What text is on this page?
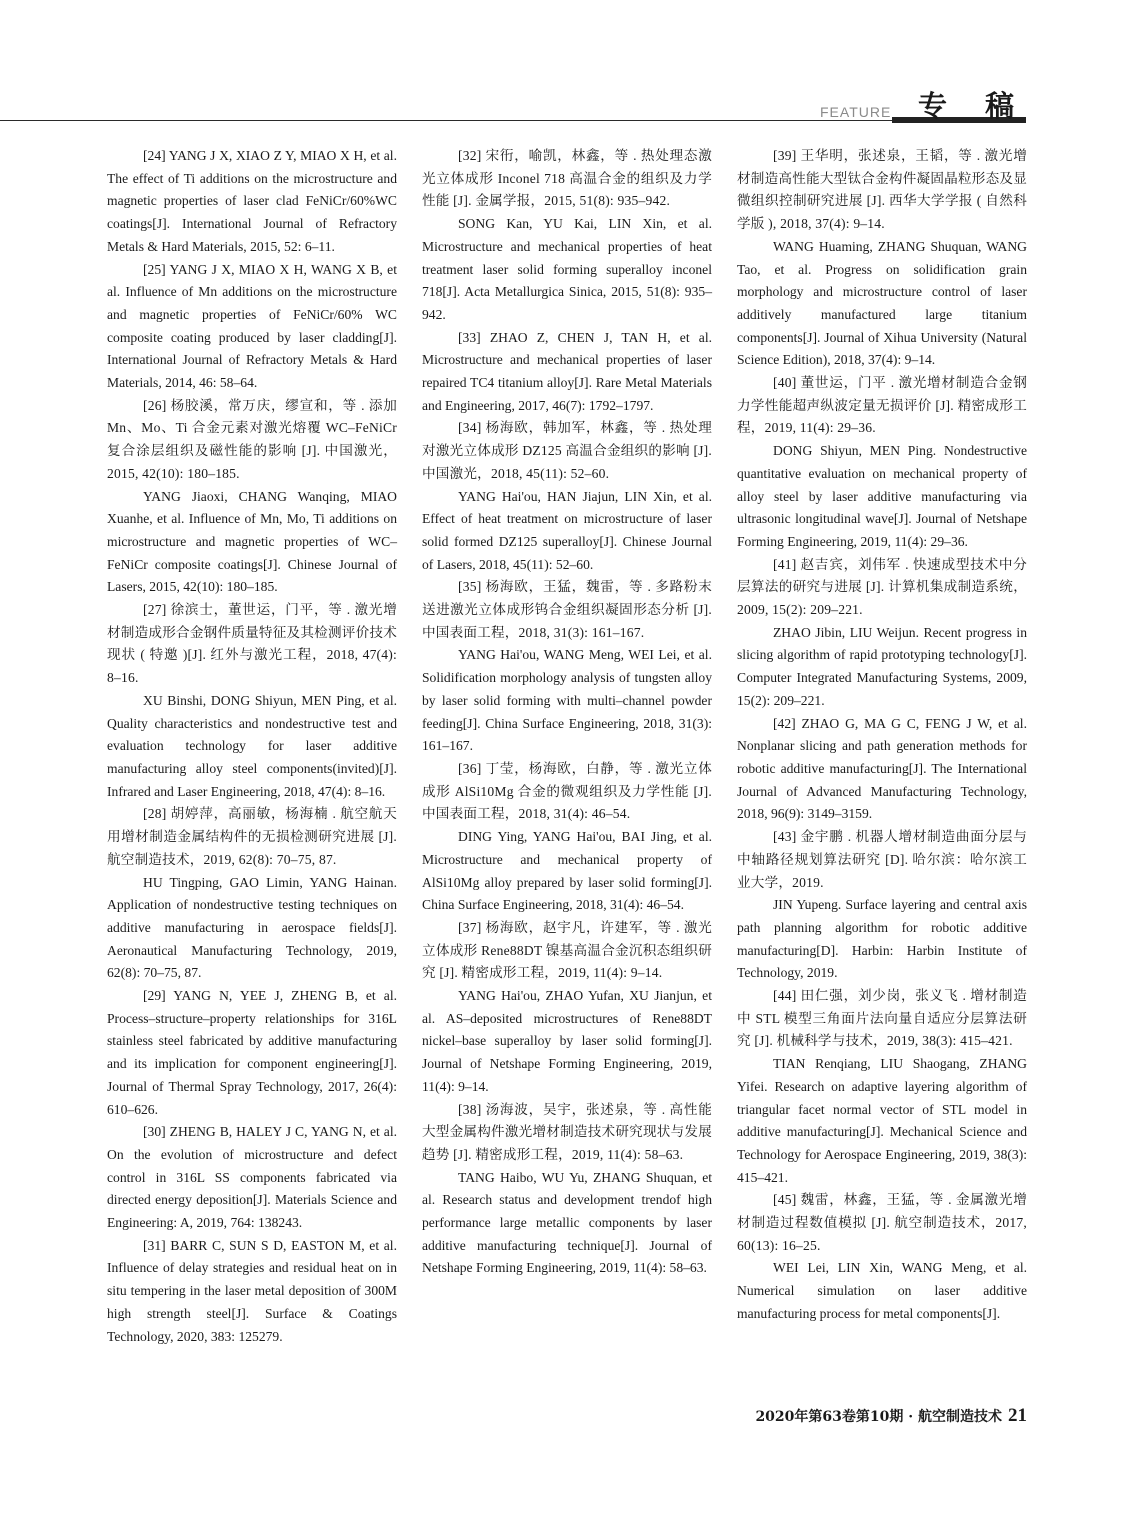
FEATURE 专 稿

[24] YANG J X, XIAO Z Y, MIAO X H, et al. The effect of Ti additions on the microstructure and magnetic properties of laser clad FeNiCr/60%WC coatings[J]. International Journal of Refractory Metals & Hard Materials, 2015, 52: 6–11.

[25] YANG J X, MIAO X H, WANG X B, et al. Influence of Mn additions on the microstructure and magnetic properties of FeNiCr/60% WC composite coating produced by laser cladding[J]. International Journal of Refractory Metals & Hard Materials, 2014, 46: 58–64.

[26] 杨胶溪，常万庆，缪宣和，等 . 添加 Mn、Mo、Ti 合金元素对激光熔覆 WC–FeNiCr 复合涂层组织及磁性能的影响 [J]. 中国激光，2015, 42(10): 180–185.

YANG Jiaoxi, CHANG Wanqing, MIAO Xuanhe, et al. Influence of Mn, Mo, Ti additions on microstructure and magnetic properties of WC–FeNiCr composite coatings[J]. Chinese Journal of Lasers, 2015, 42(10): 180–185.

[27] 徐滨士，董世运，门平，等 . 激光增材制造成形合金钢件质量特征及其检测评价技术现状 ( 特邀 )[J]. 红外与激光工程，2018, 47(4): 8–16.

XU Binshi, DONG Shiyun, MEN Ping, et al. Quality characteristics and nondestructive test and evaluation technology for laser additive manufacturing alloy steel components(invited)[J]. Infrared and Laser Engineering, 2018, 47(4): 8–16.

[28] 胡婷萍，高丽敏，杨海楠 . 航空航天用增材制造金属结构件的无损检测研究进展 [J]. 航空制造技术，2019, 62(8): 70–75, 87.

HU Tingping, GAO Limin, YANG Hainan. Application of nondestructive testing techniques on additive manufacturing in aerospace fields[J]. Aeronautical Manufacturing Technology, 2019, 62(8): 70–75, 87.

[29] YANG N, YEE J, ZHENG B, et al. Process–structure–property relationships for 316L stainless steel fabricated by additive manufacturing and its implication for component engineering[J]. Journal of Thermal Spray Technology, 2017, 26(4): 610–626.

[30] ZHENG B, HALEY J C, YANG N, et al. On the evolution of microstructure and defect control in 316L SS components fabricated via directed energy deposition[J]. Materials Science and Engineering: A, 2019, 764: 138243.

[31] BARR C, SUN S D, EASTON M, et al. Influence of delay strategies and residual heat on in situ tempering in the laser metal deposition of 300M high strength steel[J]. Surface & Coatings Technology, 2020, 383: 125279.

[32] 宋衎，喻凯，林鑫，等 . 热处理态激光立体成形 Inconel 718 高温合金的组织及力学性能 [J]. 金属学报，2015, 51(8): 935–942.

SONG Kan, YU Kai, LIN Xin, et al. Microstructure and mechanical properties of heat treatment laser solid forming superalloy inconel 718[J]. Acta Metallurgica Sinica, 2015, 51(8): 935–942.

[33] ZHAO Z, CHEN J, TAN H, et al. Microstructure and mechanical properties of laser repaired TC4 titanium alloy[J]. Rare Metal Materials and Engineering, 2017, 46(7): 1792–1797.

[34] 杨海欧，韩加军，林鑫，等 . 热处理对激光立体成形 DZ125 高温合金组织的影响 [J]. 中国激光，2018, 45(11): 52–60.

YANG Hai'ou, HAN Jiajun, LIN Xin, et al. Effect of heat treatment on microstructure of laser solid formed DZ125 superalloy[J]. Chinese Journal of Lasers, 2018, 45(11): 52–60.

[35] 杨海欧，王猛，魏雷，等 . 多路粉末送进激光立体成形钨合金组织凝固形态分析 [J]. 中国表面工程，2018, 31(3): 161–167.

YANG Hai'ou, WANG Meng, WEI Lei, et al. Solidification morphology analysis of tungsten alloy by laser solid forming with multi–channel powder feeding[J]. China Surface Engineering, 2018, 31(3): 161–167.

[36] 丁莹，杨海欧，白静，等 . 激光立体成形 AlSi10Mg 合金的微观组织及力学性能 [J]. 中国表面工程，2018, 31(4): 46–54.

DING Ying, YANG Hai'ou, BAI Jing, et al. Microstructure and mechanical property of AlSi10Mg alloy prepared by laser solid forming[J]. China Surface Engineering, 2018, 31(4): 46–54.

[37] 杨海欧，赵宇凡，许建军，等 . 激光立体成形 Rene88DT 镍基高温合金沉积态组织研究 [J]. 精密成形工程，2019, 11(4): 9–14.

YANG Hai'ou, ZHAO Yufan, XU Jianjun, et al. AS–deposited microstructures of Rene88DT nickel–base superalloy by laser solid forming[J]. Journal of Netshape Forming Engineering, 2019, 11(4): 9–14.

[38] 汤海波，吴宇，张述泉，等 . 高性能大型金属构件激光增材制造技术研究现状与发展趋势 [J]. 精密成形工程，2019, 11(4): 58–63.

TANG Haibo, WU Yu, ZHANG Shuquan, et al. Research status and development trendof high performance large metallic components by laser additive manufacturing technique[J]. Journal of Netshape Forming Engineering, 2019, 11(4): 58–63.

[39] 王华明，张述泉，王韬，等 . 激光增材制造高性能大型钛合金构件凝固晶粒形态及显微组织控制研究进展 [J]. 西华大学学报 ( 自然科学版 ), 2018, 37(4): 9–14.

WANG Huaming, ZHANG Shuquan, WANG Tao, et al. Progress on solidification grain morphology and microstructure control of laser additively manufactured large titanium components[J]. Journal of Xihua University (Natural Science Edition), 2018, 37(4): 9–14.

[40] 董世运，门平 . 激光增材制造合金钢力学性能超声纵波定量无损评价 [J]. 精密成形工程，2019, 11(4): 29–36.

DONG Shiyun, MEN Ping. Nondestructive quantitative evaluation on mechanical property of alloy steel by laser additive manufacturing via ultrasonic longitudinal wave[J]. Journal of Netshape Forming Engineering, 2019, 11(4): 29–36.

[41] 赵吉宾，刘伟军 . 快速成型技术中分层算法的研究与进展 [J]. 计算机集成制造系统，2009, 15(2): 209–221.

ZHAO Jibin, LIU Weijun. Recent progress in slicing algorithm of rapid prototyping technology[J]. Computer Integrated Manufacturing Systems, 2009, 15(2): 209–221.

[42] ZHAO G, MA G C, FENG J W, et al. Nonplanar slicing and path generation methods for robotic additive manufacturing[J]. The International Journal of Advanced Manufacturing Technology, 2018, 96(9): 3149–3159.

[43] 金宇鹏 . 机器人增材制造曲面分层与中轴路径规划算法研究 [D]. 哈尔滨：哈尔滨工业大学，2019.

JIN Yupeng. Surface layering and central axis path planning algorithm for robotic additive manufacturing[D]. Harbin: Harbin Institute of Technology, 2019.

[44] 田仁强，刘少岗，张义飞 . 增材制造中 STL 模型三角面片法向量自适应分层算法研究 [J]. 机械科学与技术，2019, 38(3): 415–421.

TIAN Renqiang, LIU Shaogang, ZHANG Yifei. Research on adaptive layering algorithm of triangular facet normal vector of STL model in additive manufacturing[J]. Mechanical Science and Technology for Aerospace Engineering, 2019, 38(3): 415–421.

[45] 魏雷，林鑫，王猛，等 . 金属激光增材制造过程数值模拟 [J]. 航空制造技术，2017, 60(13): 16–25.

WEI Lei, LIN Xin, WANG Meng, et al. Numerical simulation on laser additive manufacturing process for metal components[J].

2020年第63卷第10期 · 航空制造技术 21
